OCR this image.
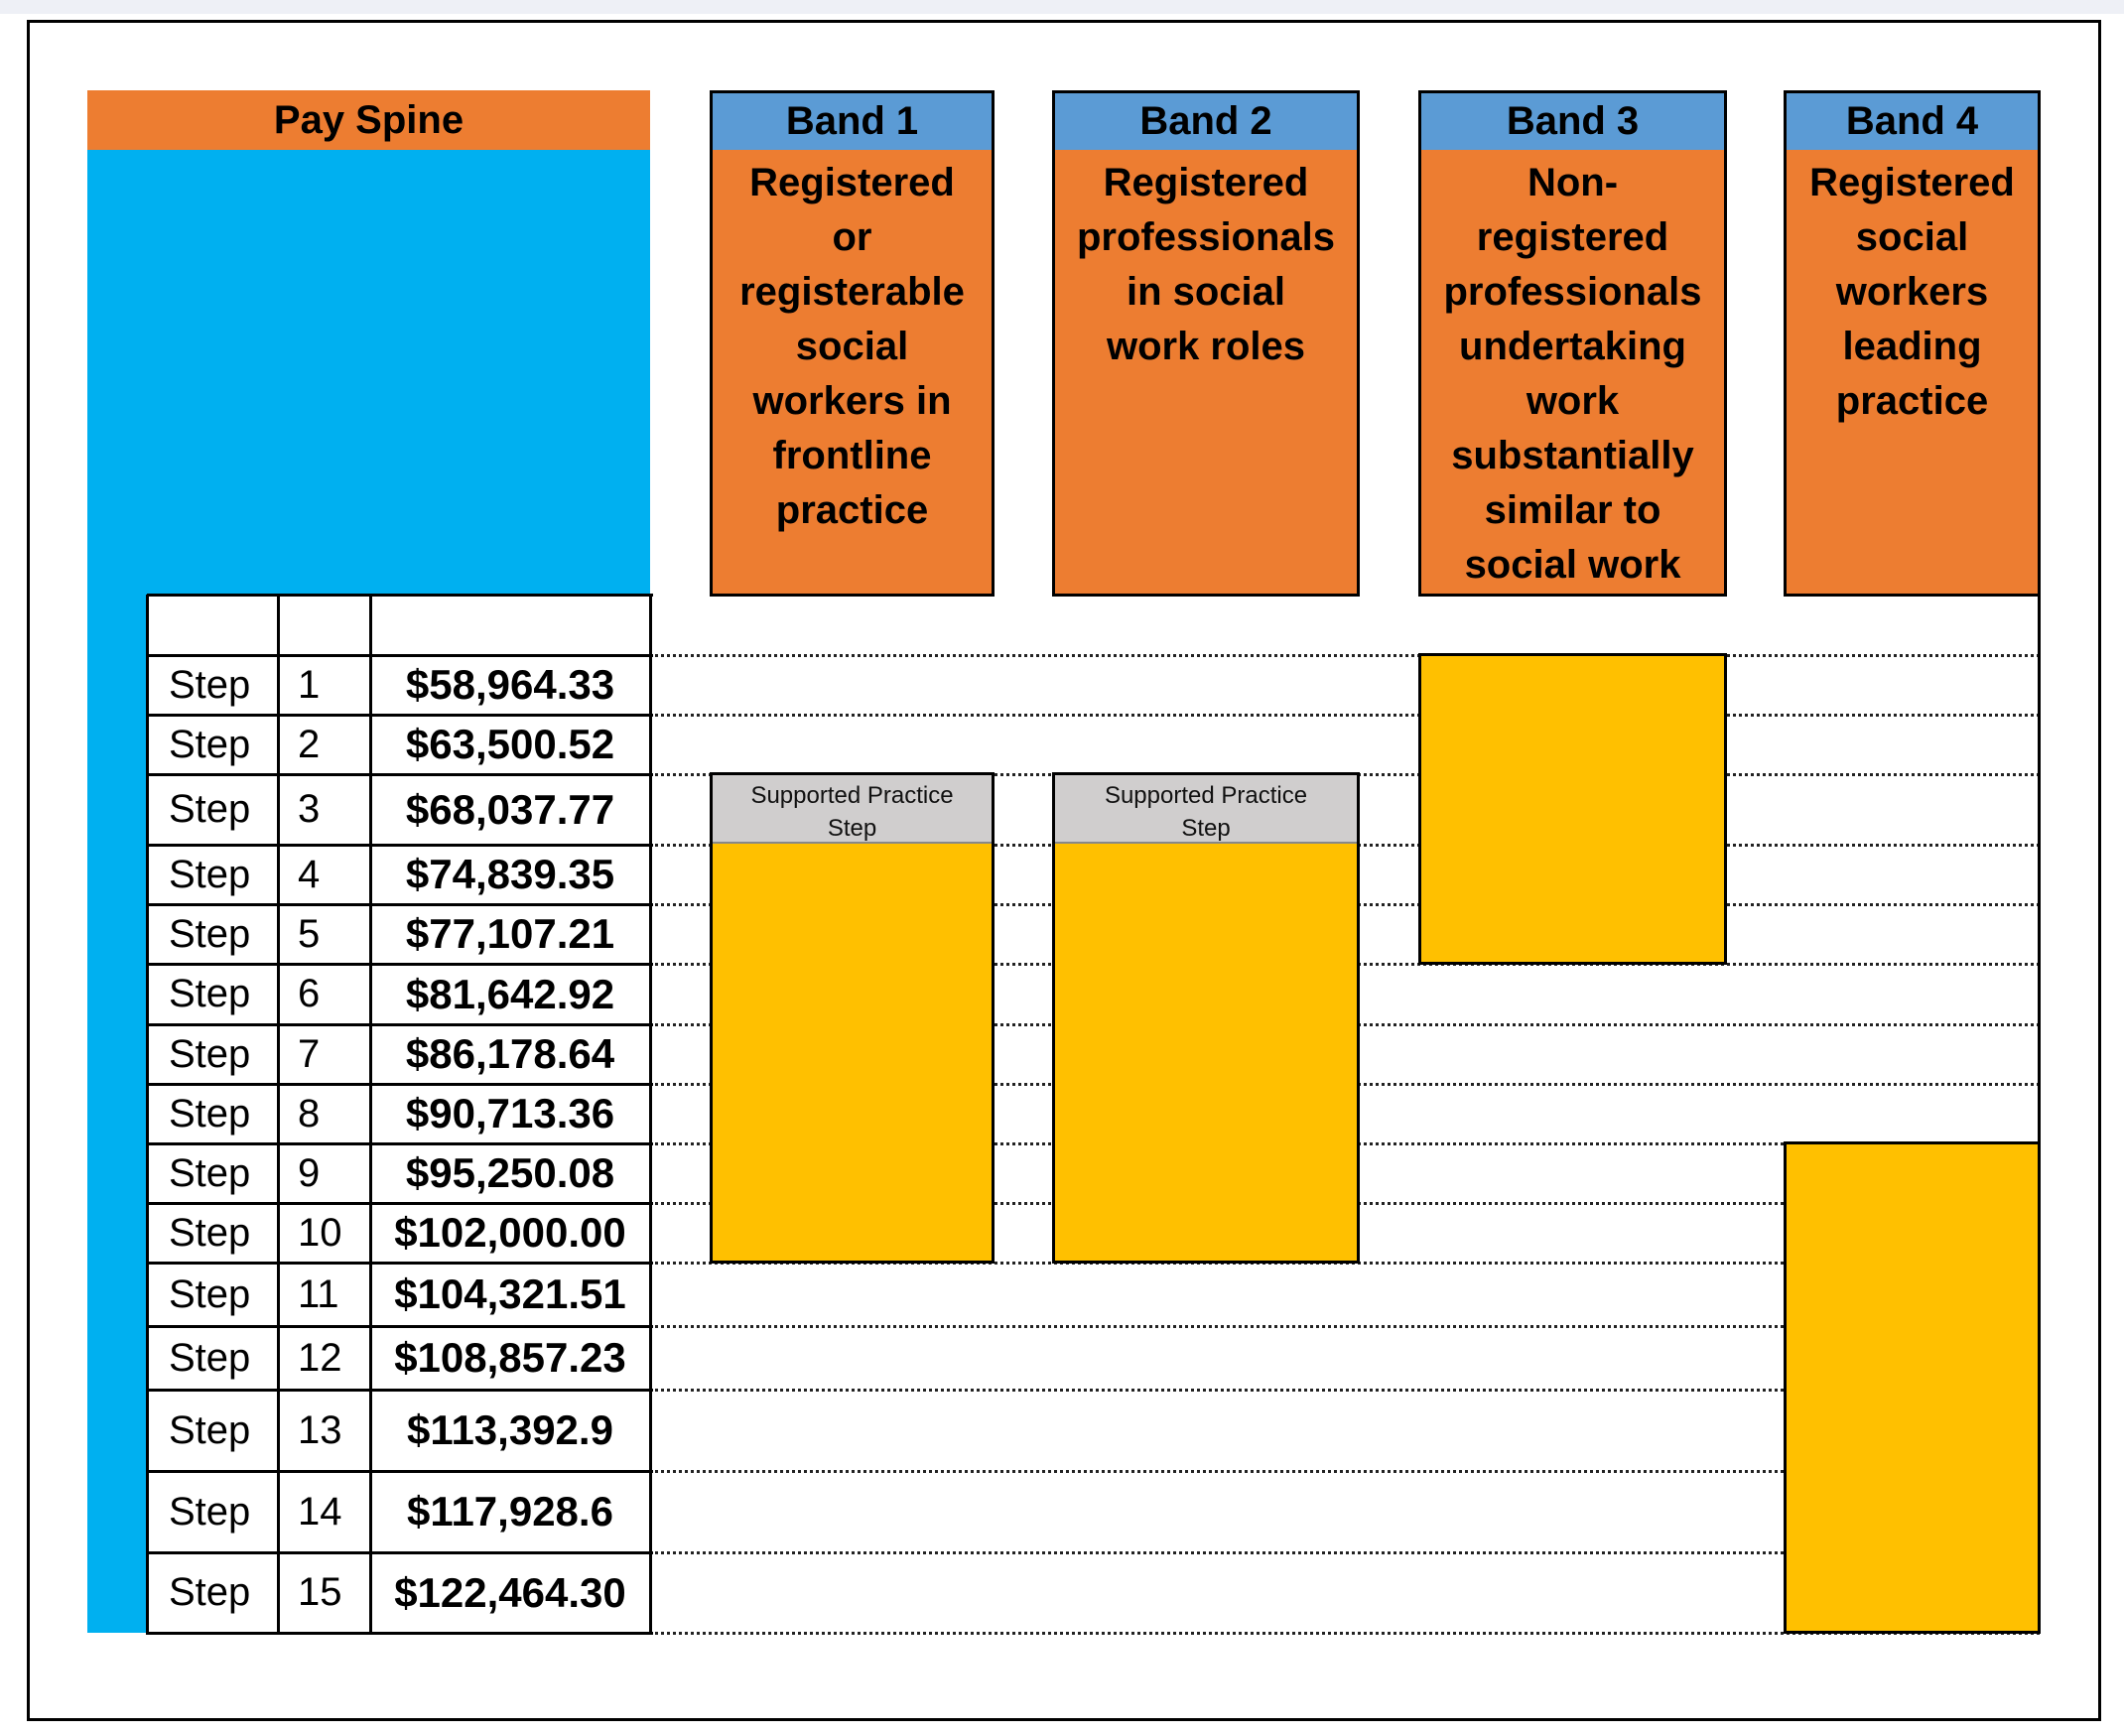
Pay Spine
Step	1	$58,964.33
Step	2	$63,500.52
Step	3	$68,037.77
Step	4	$74,839.35
Step	5	$77,107.21
Step	6	$81,642.92
Step	7	$86,178.64
Step	8	$90,713.36
Step	9	$95,250.08
Step	10	$102,000.00
Step	11	$104,321.51
Step	12	$108,857.23
Step	13	$113,392.9
Step	14	$117,928.6
Step	15	$122,464.30
Band 1
Registered
or
registerable
social
workers in
frontline
practice
Supported Practice
Step
Band 2
Registered
professionals
in social
work roles
Supported Practice
Step
Band 3
Non-
registered
professionals
undertaking
work
substantially
similar to
social work
Band 4
Registered
social
workers
leading
practice
